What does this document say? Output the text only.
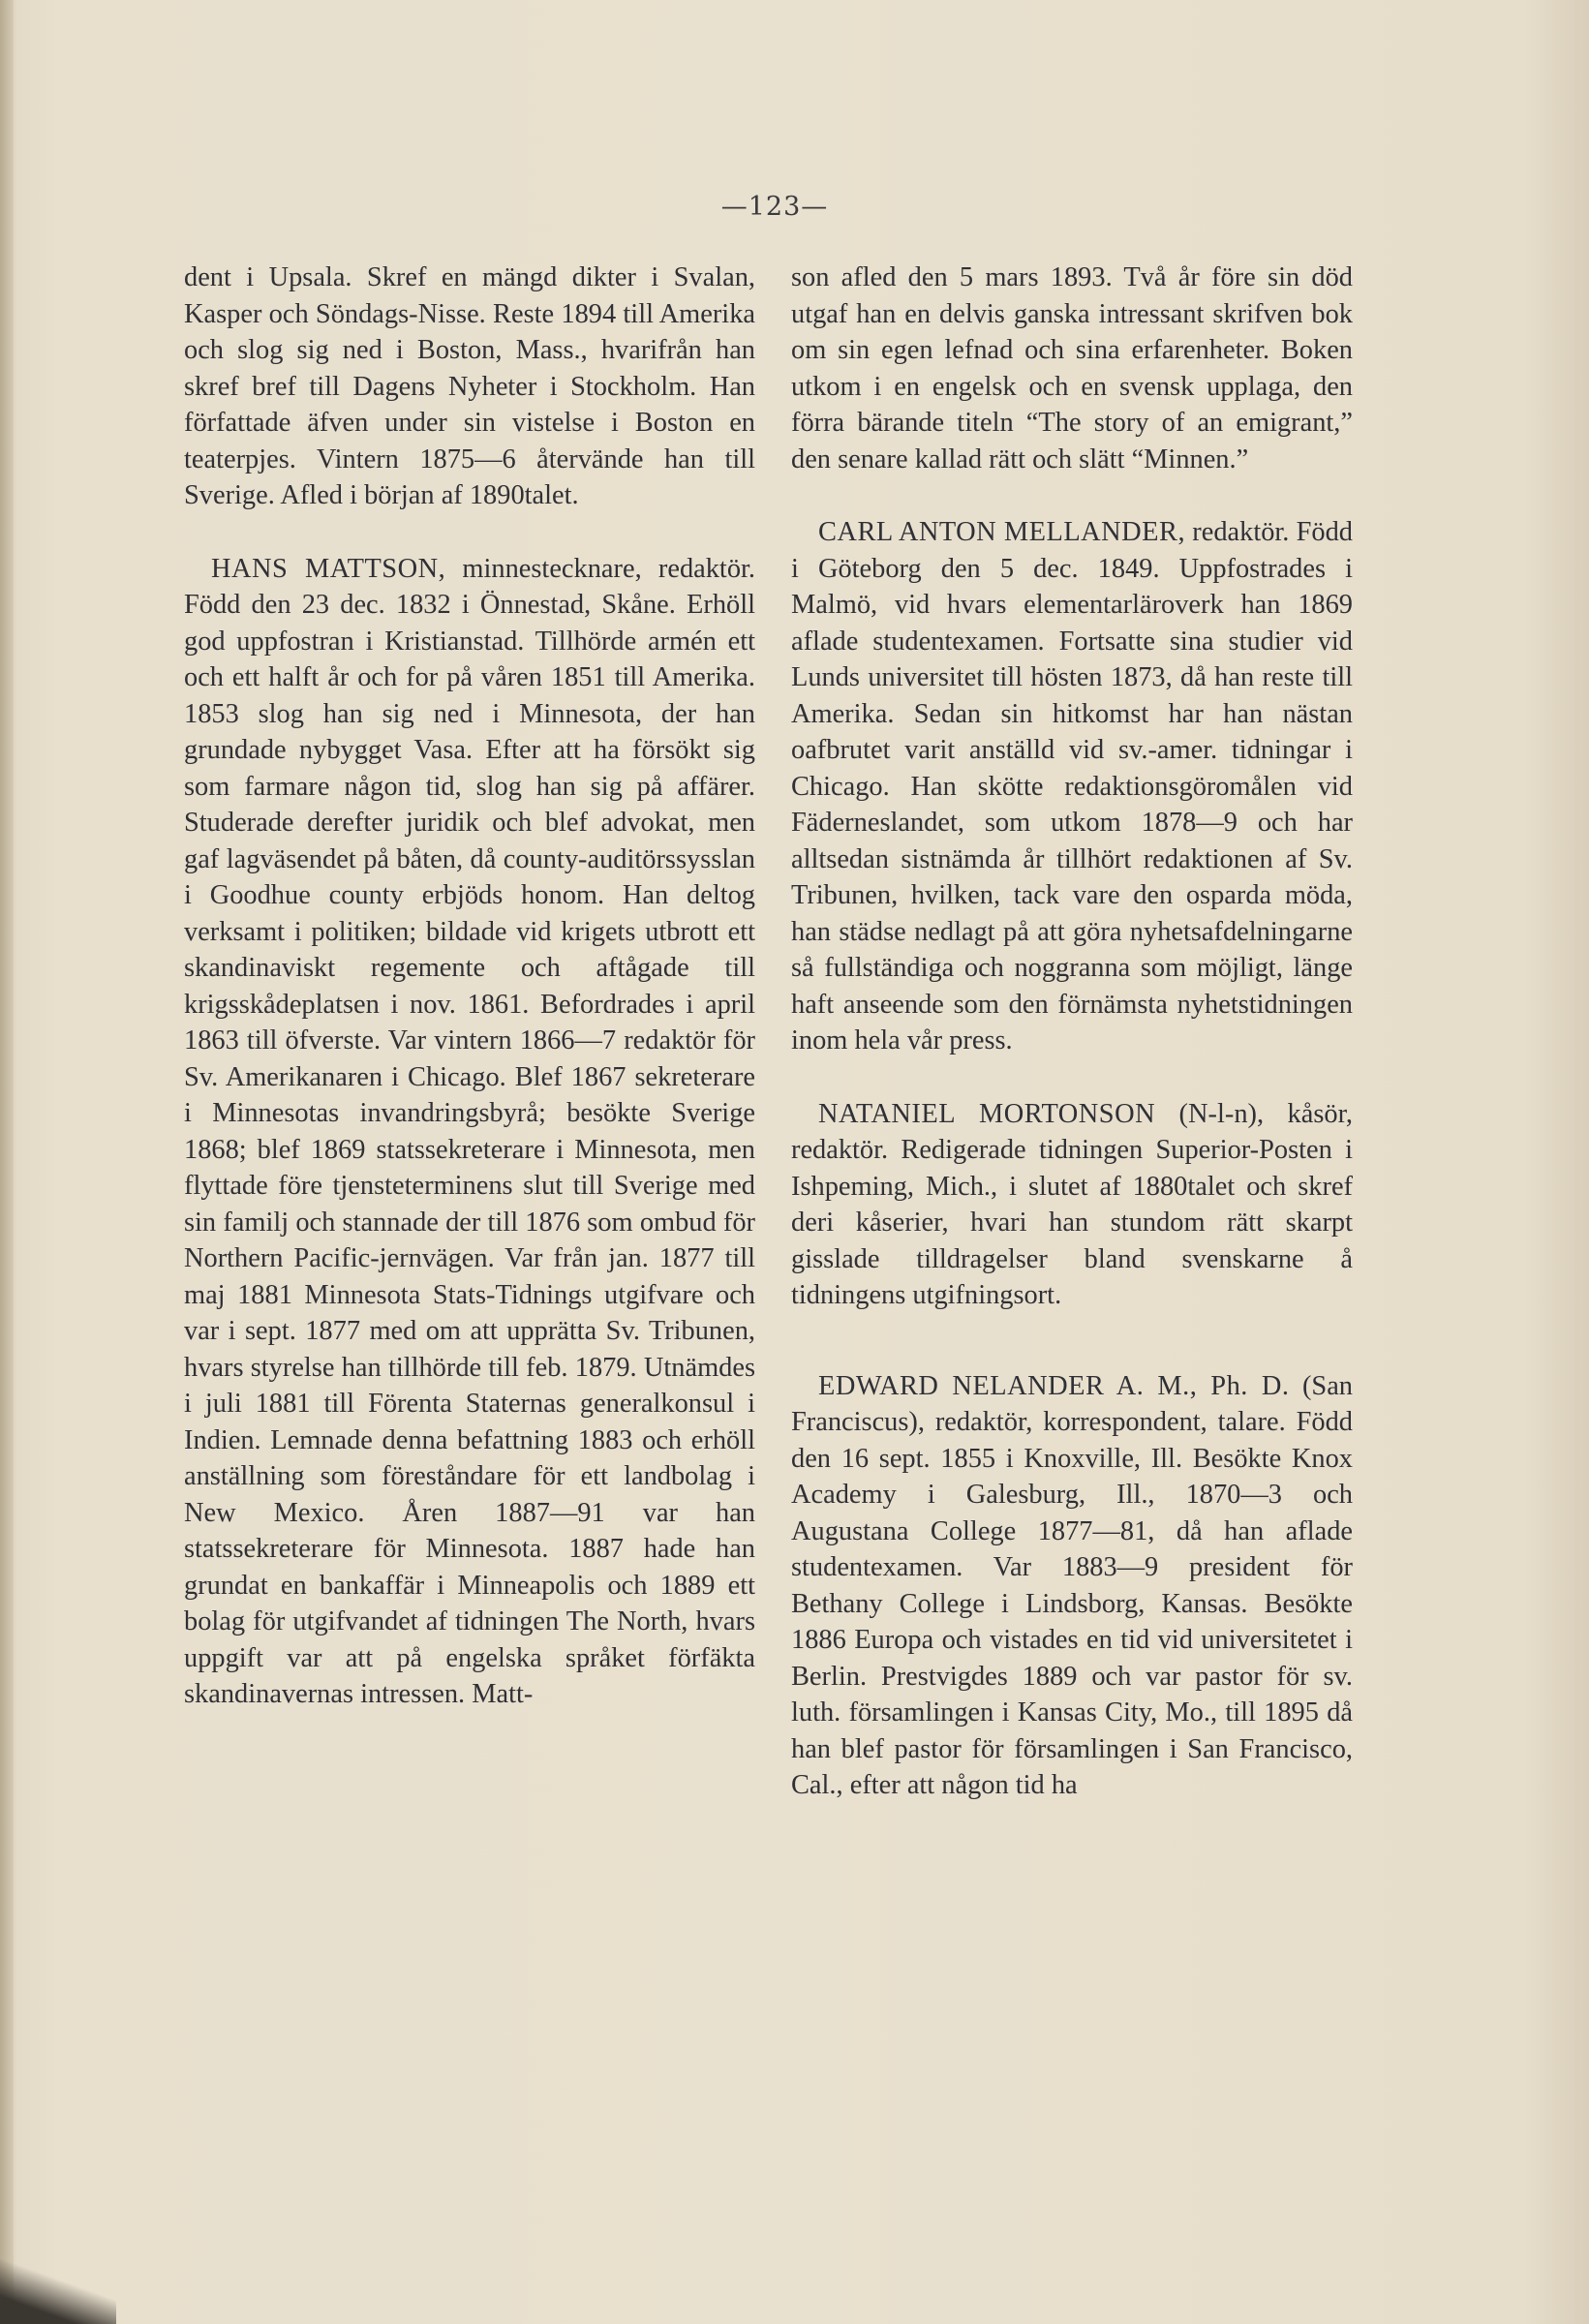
—123—

dent i Upsala. Skref en mängd dikter i Svalan, Kasper och Söndags-Nisse. Reste 1894 till Amerika och slog sig ned i Boston, Mass., hvarifrån han skref bref till Dagens Nyheter i Stockholm. Han författade äfven under sin vistelse i Boston en teaterpjes. Vintern 1875—6 återvände han till Sverige. Afled i början af 1890talet.

HANS MATTSON, minnestecknare, redaktör. Född den 23 dec. 1832 i Önnestad, Skåne. Erhöll god uppfostran i Kristianstad. Tillhörde armén ett och ett halft år och for på våren 1851 till Amerika. 1853 slog han sig ned i Minnesota, der han grundade nybygget Vasa. Efter att ha försökt sig som farmare någon tid, slog han sig på affärer. Studerade derefter juridik och blef advokat, men gaf lagväsendet på båten, då county-auditörssysslan i Goodhue county erbjöds honom. Han deltog verksamt i politiken; bildade vid krigets utbrott ett skandinaviskt regemente och aftågade till krigsskådeplatsen i nov. 1861. Befordrades i april 1863 till öfverste. Var vintern 1866—7 redaktör för Sv. Amerikanaren i Chicago. Blef 1867 sekreterare i Minnesotas invandringsbyrå; besökte Sverige 1868; blef 1869 statssekreterare i Minnesota, men flyttade före tjensteterminens slut till Sverige med sin familj och stannade der till 1876 som ombud för Northern Pacific-jernvägen. Var från jan. 1877 till maj 1881 Minnesota Stats-Tidnings utgifvare och var i sept. 1877 med om att upprätta Sv. Tribunen, hvars styrelse han tillhörde till feb. 1879. Utnämdes i juli 1881 till Förenta Staternas generalkonsul i Indien. Lemnade denna befattning 1883 och erhöll anställning som föreståndare för ett landbolag i New Mexico. Åren 1887—91 var han statssekreterare för Minnesota. 1887 hade han grundat en bankaffär i Minneapolis och 1889 ett bolag för utgifvandet af tidningen The North, hvars uppgift var att på engelska språket förfäkta skandinavernas intressen. Matt-

son afled den 5 mars 1893. Två år före sin död utgaf han en delvis ganska intressant skrifven bok om sin egen lefnad och sina erfarenheter. Boken utkom i en engelsk och en svensk upplaga, den förra bärande titeln “The story of an emigrant,” den senare kallad rätt och slätt “Minnen.”

CARL ANTON MELLANDER, redaktör. Född i Göteborg den 5 dec. 1849. Uppfostrades i Malmö, vid hvars elementarläroverk han 1869 aflade studentexamen. Fortsatte sina studier vid Lunds universitet till hösten 1873, då han reste till Amerika. Sedan sin hitkomst har han nästan oafbrutet varit anställd vid sv.-amer. tidningar i Chicago. Han skötte redaktionsgöromålen vid Fäderneslandet, som utkom 1878—9 och har alltsedan sistnämda år tillhört redaktionen af Sv. Tribunen, hvilken, tack vare den osparda möda, han städse nedlagt på att göra nyhetsafdelningarne så fullständiga och noggranna som möjligt, länge haft anseende som den förnämsta nyhetstidningen inom hela vår press.

NATANIEL MORTONSON (N-l-n), kåsör, redaktör. Redigerade tidningen Superior-Posten i Ishpeming, Mich., i slutet af 1880talet och skref deri kåserier, hvari han stundom rätt skarpt gisslade tilldragelser bland svenskarne å tidningens utgifningsort.

EDWARD NELANDER A. M., Ph. D. (San Franciscus), redaktör, korrespondent, talare. Född den 16 sept. 1855 i Knoxville, Ill. Besökte Knox Academy i Galesburg, Ill., 1870—3 och Augustana College 1877—81, då han aflade studentexamen. Var 1883—9 president för Bethany College i Lindsborg, Kansas. Besökte 1886 Europa och vistades en tid vid universitetet i Berlin. Prestvigdes 1889 och var pastor för sv. luth. församlingen i Kansas City, Mo., till 1895 då han blef pastor för församlingen i San Francisco, Cal., efter att någon tid ha
